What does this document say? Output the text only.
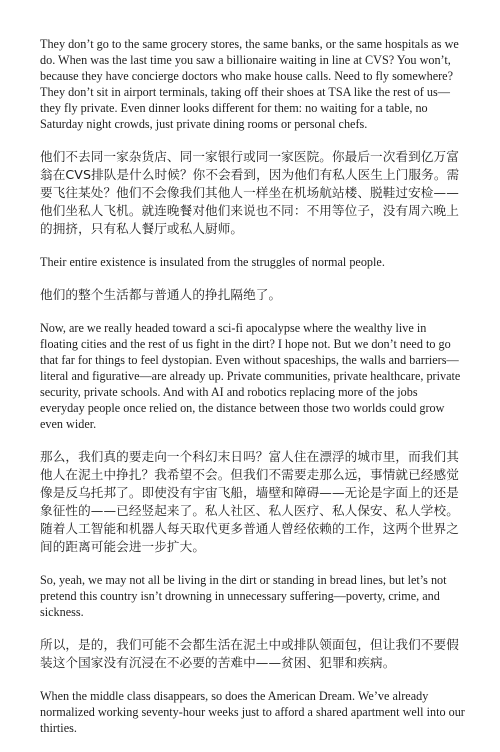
They don’t go to the same grocery stores, the same banks, or the same hospitals as we do. When was the last time you saw a billionaire waiting in line at CVS? You won’t, because they have concierge doctors who make house calls. Need to fly somewhere? They don’t sit in airport terminals, taking off their shoes at TSA like the rest of us—they fly private. Even dinner looks different for them: no waiting for a table, no Saturday night crowds, just private dining rooms or personal chefs.

他们不去同一家杂货店、同一家银行或同一家医院。你最后一次看到亿万富翁在CVS排队是什么时候？你不会看到，因为他们有私人医生上门服务。需要飞往某处？他们不会像我们其他人一样坐在机场航站楼、脱鞋过安检——他们坐私人飞机。就连晚餐对他们来说也不同：不用等位子，没有周六晚上的拥挤，只有私人餐厅或私人厨师。

Their entire existence is insulated from the struggles of normal people.

他们的整个生活都与普通人的挣扎隔绝了。

Now, are we really headed toward a sci-fi apocalypse where the wealthy live in floating cities and the rest of us fight in the dirt? I hope not. But we don’t need to go that far for things to feel dystopian. Even without spaceships, the walls and barriers—literal and figurative—are already up. Private communities, private healthcare, private security, private schools. And with AI and robotics replacing more of the jobs everyday people once relied on, the distance between those two worlds could grow even wider.

那么，我们真的要走向一个科幻末日吗？富人住在漂浮的城市里，而我们其他人在泥土中挣扎？我希望不会。但我们不需要走那么远，事情就已经感觉像是反乌托邦了。即使没有宇宙飞船，墙壁和障碍——无论是字面上的还是象征性的——已经竖起来了。私人社区、私人医疗、私人保安、私人学校。随着人工智能和机器人每天取代更多普通人曾经依赖的工作，这两个世界之间的距离可能会进一步扩大。

So, yeah, we may not all be living in the dirt or standing in bread lines, but let’s not pretend this country isn’t drowning in unnecessary suffering—poverty, crime, and sickness.

所以，是的，我们可能不会都生活在泥土中或排队领面包，但让我们不要假装这个国家没有沉浸在不必要的苦难中——贫困、犯罪和疾病。

When the middle class disappears, so does the American Dream. We’ve already normalized working seventy-hour weeks just to afford a shared apartment well into our thirties.
